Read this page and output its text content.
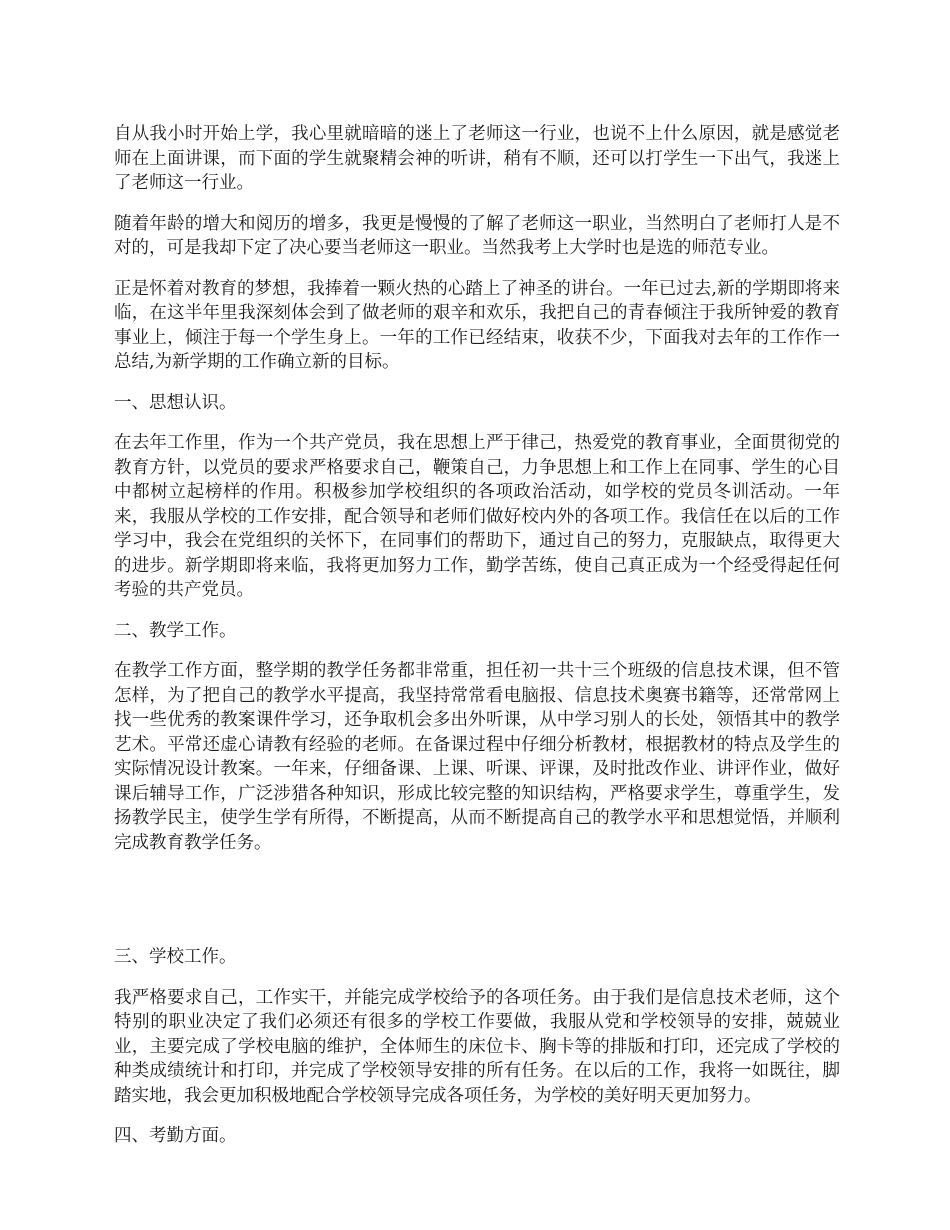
自从我小时开始上学，我心里就暗暗的迷上了老师这一行业，也说不上什么原因，就是感觉老师在上面讲课，而下面的学生就聚精会神的听讲，稍有不顺，还可以打学生一下出气，我迷上了老师这一行业。

随着年龄的增大和阅历的增多，我更是慢慢的了解了老师这一职业，当然明白了老师打人是不对的，可是我却下定了决心要当老师这一职业。当然我考上大学时也是选的师范专业。

正是怀着对教育的梦想，我捧着一颗火热的心踏上了神圣的讲台。一年已过去,新的学期即将来临，在这半年里我深刻体会到了做老师的艰辛和欢乐，我把自己的青春倾注于我所钟爱的教育事业上，倾注于每一个学生身上。一年的工作已经结束，收获不少，下面我对去年的工作作一总结,为新学期的工作确立新的目标。

一、思想认识。

在去年工作里，作为一个共产党员，我在思想上严于律己，热爱党的教育事业，全面贯彻党的教育方针，以党员的要求严格要求自己，鞭策自己，力争思想上和工作上在同事、学生的心目中都树立起榜样的作用。积极参加学校组织的各项政治活动，如学校的党员冬训活动。一年来，我服从学校的工作安排，配合领导和老师们做好校内外的各项工作。我信任在以后的工作学习中，我会在党组织的关怀下，在同事们的帮助下，通过自己的努力，克服缺点，取得更大的进步。新学期即将来临，我将更加努力工作，勤学苦练，使自己真正成为一个经受得起任何考验的共产党员。

二、教学工作。

在教学工作方面，整学期的教学任务都非常重，担任初一共十三个班级的信息技术课，但不管怎样，为了把自己的教学水平提高，我坚持常常看电脑报、信息技术奥赛书籍等，还常常网上找一些优秀的教案课件学习，还争取机会多出外听课，从中学习别人的长处，领悟其中的教学艺术。平常还虚心请教有经验的老师。在备课过程中仔细分析教材，根据教材的特点及学生的实际情况设计教案。一年来，仔细备课、上课、听课、评课，及时批改作业、讲评作业，做好课后辅导工作，广泛涉猎各种知识，形成比较完整的知识结构，严格要求学生，尊重学生，发扬教学民主，使学生学有所得，不断提高，从而不断提高自己的教学水平和思想觉悟，并顺利完成教育教学任务。

三、学校工作。

我严格要求自己，工作实干，并能完成学校给予的各项任务。由于我们是信息技术老师，这个特别的职业决定了我们必须还有很多的学校工作要做，我服从党和学校领导的安排，兢兢业业，主要完成了学校电脑的维护，全体师生的床位卡、胸卡等的排版和打印，还完成了学校的种类成绩统计和打印，并完成了学校领导安排的所有任务。在以后的工作，我将一如既往，脚踏实地，我会更加积极地配合学校领导完成各项任务，为学校的美好明天更加努力。

四、考勤方面。
